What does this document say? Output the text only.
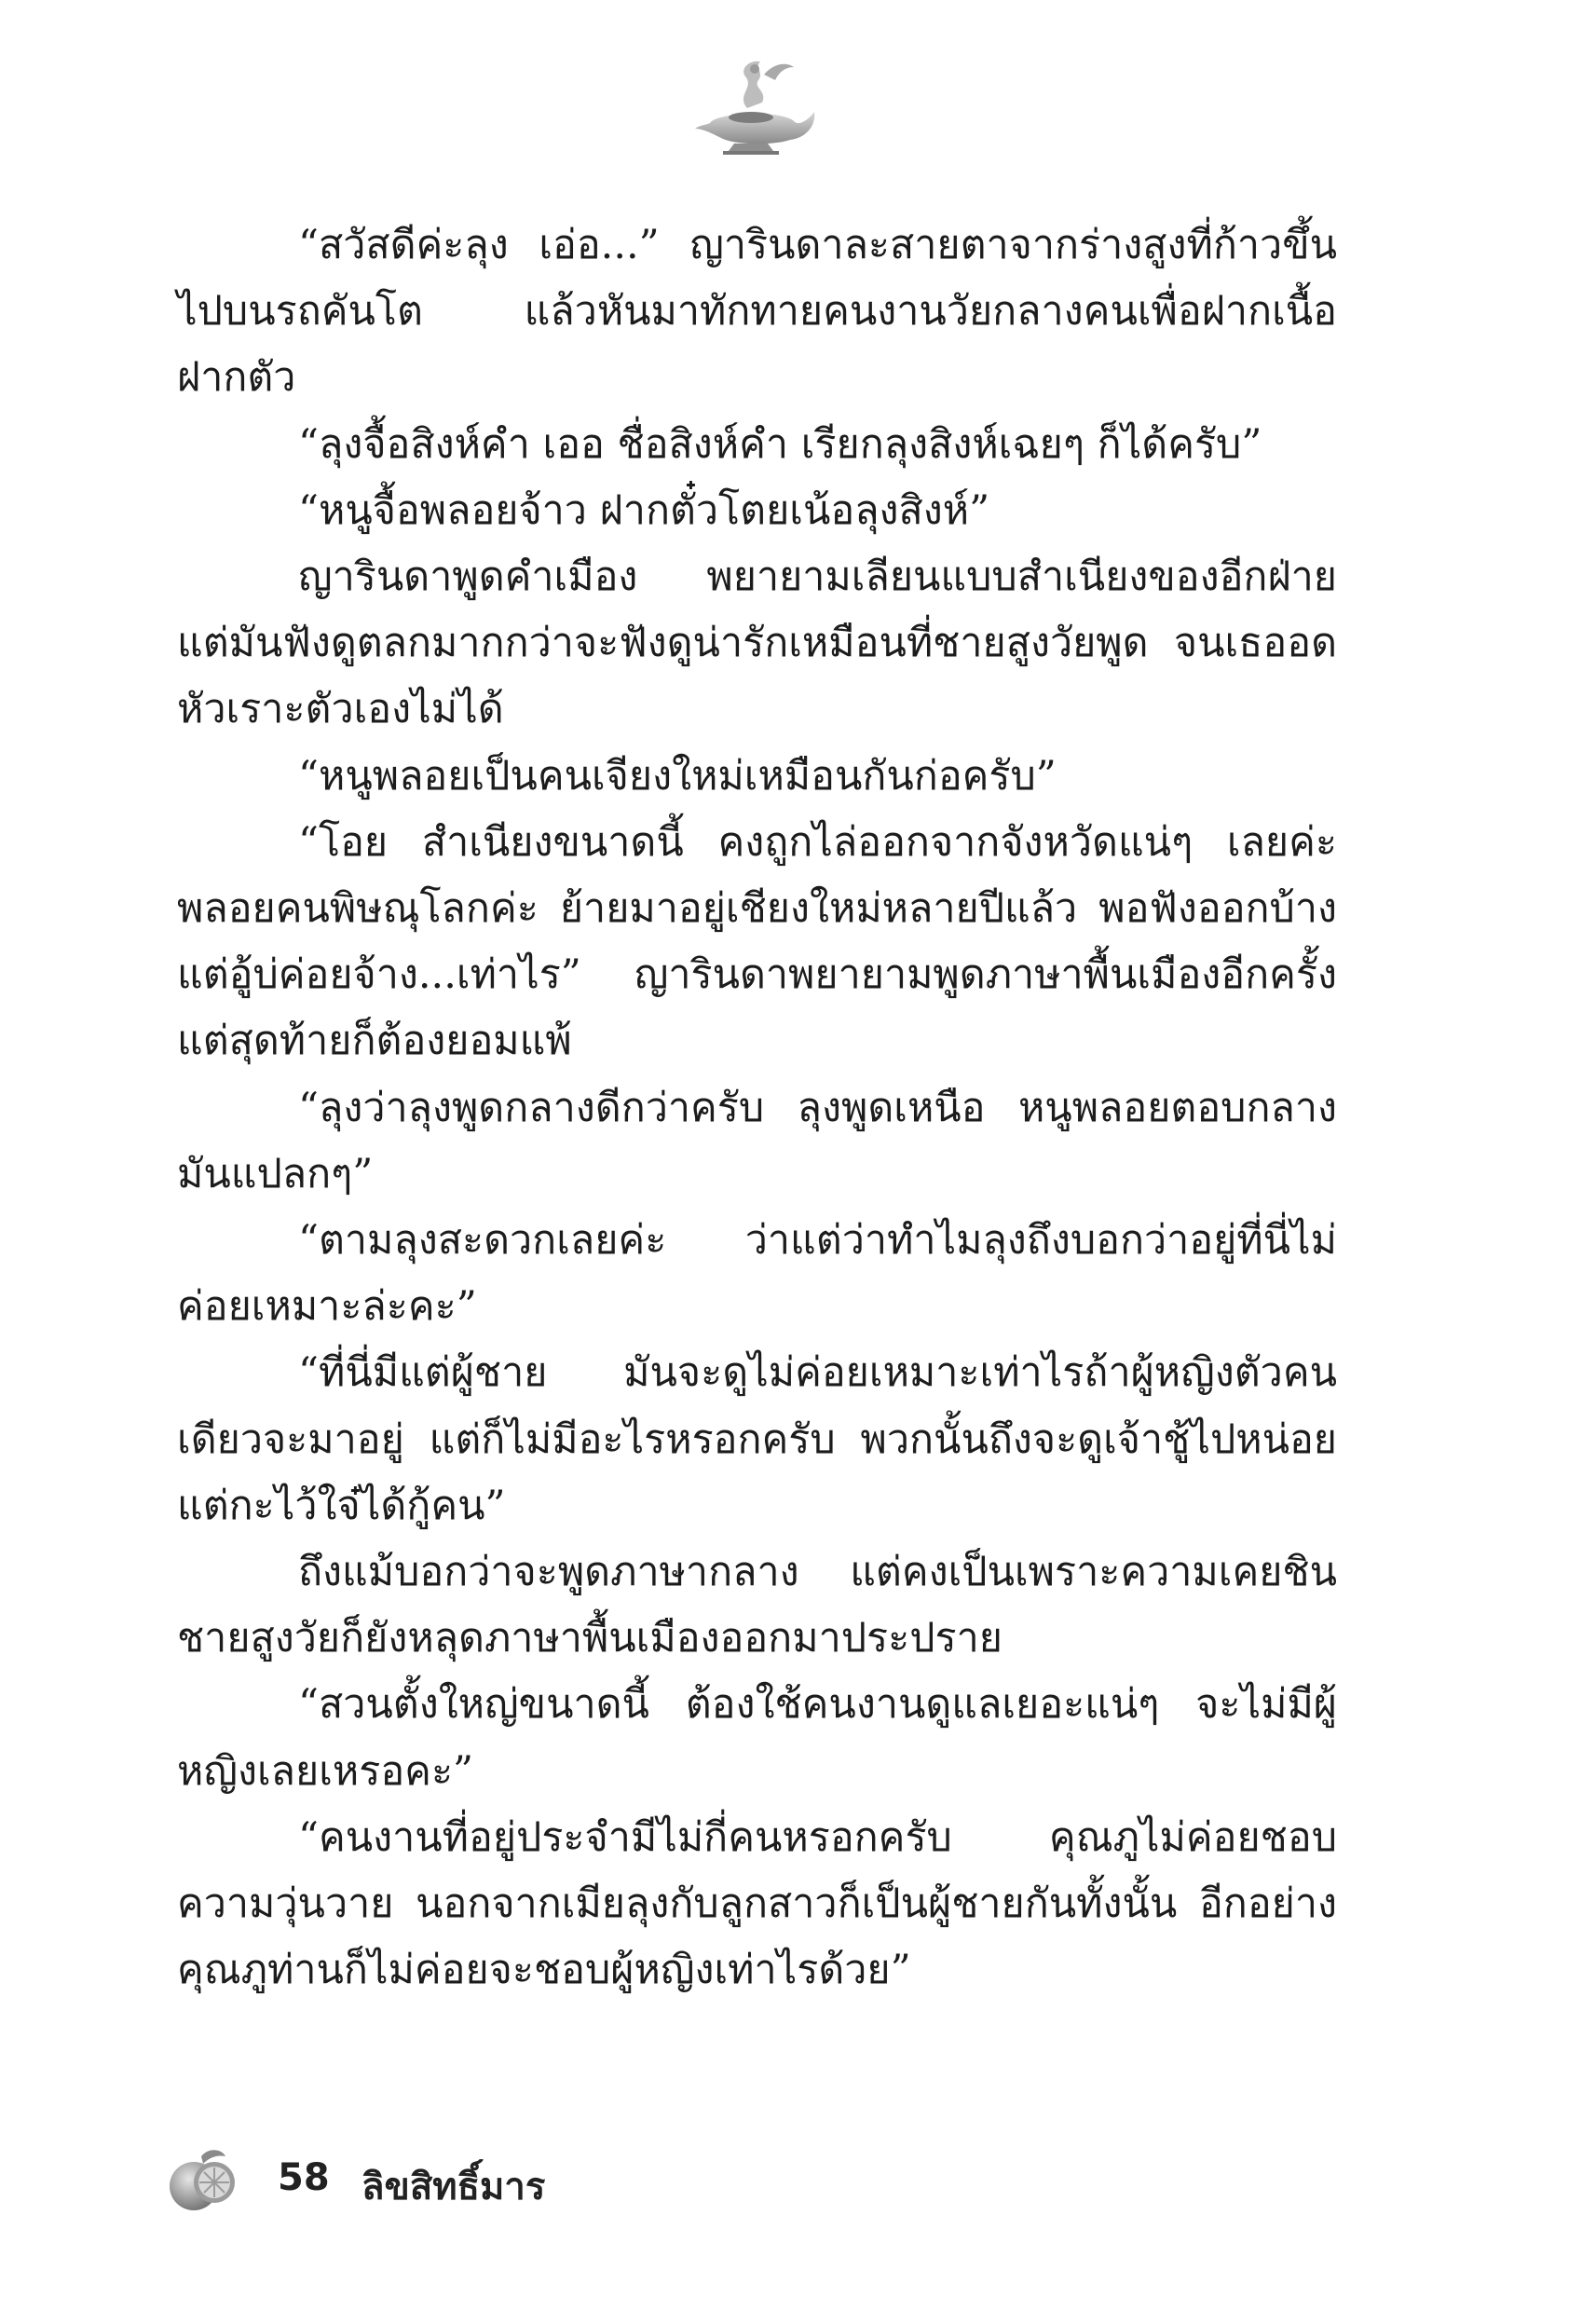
“สวัสดีค่ะลุง เอ่อ...” ญารินดาละสายตาจากร่างสูงที่ก้าวขึ้นไปบนรถคันโต แล้วหันมาทักทายคนงานวัยกลางคนเพื่อฝากเนื้อฝากตัว

“ลุงจื้อสิงห์คำ เออ ชื่อสิงห์คำ เรียกลุงสิงห์เฉยๆ ก็ได้ครับ”

“หนูจื้อพลอยจ้าว ฝากตั๋วโตยเน้อลุงสิงห์”

ญารินดาพูดคำเมือง พยายามเลียนแบบสำเนียงของอีกฝ่าย แต่มันฟังดูตลกมากกว่าจะฟังดูน่ารักเหมือนที่ชายสูงวัยพูด จนเธออดหัวเราะตัวเองไม่ได้

“หนูพลอยเป็นคนเจียงใหม่เหมือนกันก่อครับ”

“โอย สำเนียงขนาดนี้ คงถูกไล่ออกจากจังหวัดแน่ๆ เลยค่ะ พลอยคนพิษณุโลกค่ะ ย้ายมาอยู่เชียงใหม่หลายปีแล้ว พอฟังออกบ้าง แต่อู้บ่ค่อยจ้าง...เท่าไร” ญารินดาพยายามพูดภาษาพื้นเมืองอีกครั้ง แต่สุดท้ายก็ต้องยอมแพ้

“ลุงว่าลุงพูดกลางดีกว่าครับ ลุงพูดเหนือ หนูพลอยตอบกลาง มันแปลกๆ”

“ตามลุงสะดวกเลยค่ะ ว่าแต่ว่าทำไมลุงถึงบอกว่าอยู่ที่นี่ไม่ค่อยเหมาะล่ะคะ”

“ที่นี่มีแต่ผู้ชาย มันจะดูไม่ค่อยเหมาะเท่าไรถ้าผู้หญิงตัวคนเดียวจะมาอยู่ แต่ก็ไม่มีอะไรหรอกครับ พวกนั้นถึงจะดูเจ้าชู้ไปหน่อย แต่กะไว้ใจ๋ได้กู้คน”

ถึงแม้บอกว่าจะพูดภาษากลาง แต่คงเป็นเพราะความเคยชิน ชายสูงวัยก็ยังหลุดภาษาพื้นเมืองออกมาประปราย

“สวนตั้งใหญ่ขนาดนี้ ต้องใช้คนงานดูแลเยอะแน่ๆ จะไม่มีผู้หญิงเลยเหรอคะ”

“คนงานที่อยู่ประจำมีไม่กี่คนหรอกครับ คุณภูไม่ค่อยชอบความวุ่นวาย นอกจากเมียลุงกับลูกสาวก็เป็นผู้ชายกันทั้งนั้น อีกอย่างคุณภูท่านก็ไม่ค่อยจะชอบผู้หญิงเท่าไรด้วย”

58 ลิขสิทธิ์มาร
